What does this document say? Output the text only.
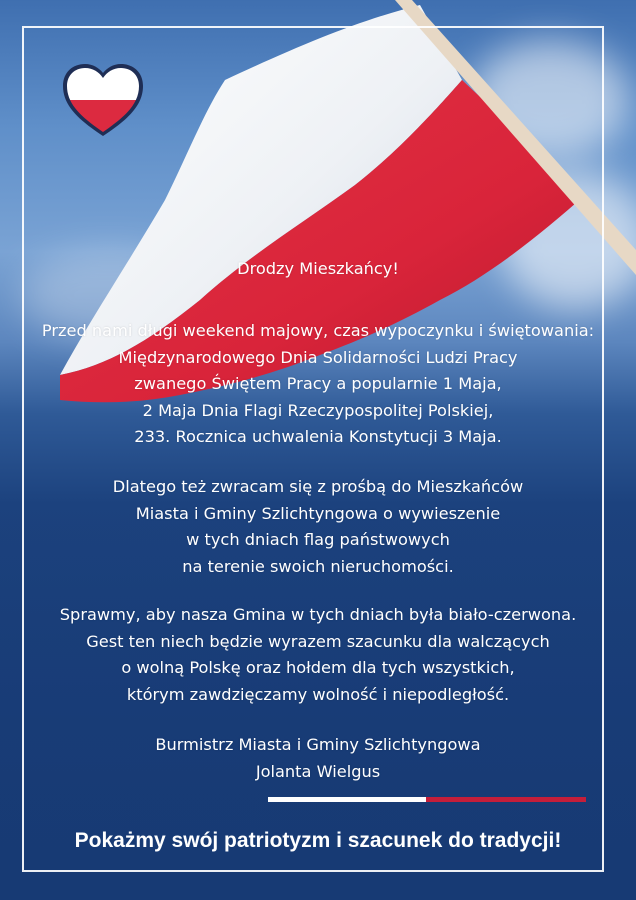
Drodzy Mieszkańcy!
Przed nami długi weekend majowy, czas wypoczynku i świętowania:
Międzynarodowego Dnia Solidarności Ludzi Pracy
zwanego Świętem Pracy a popularnie 1 Maja,
2 Maja Dnia Flagi Rzeczypospolitej Polskiej,
233. Rocznica uchwalenia Konstytucji 3 Maja.
Dlatego też zwracam się z prośbą do Mieszkańców
Miasta i Gminy Szlichtyngowa o wywieszenie
w tych dniach flag państwowych
na terenie swoich nieruchomości.
Sprawmy, aby nasza Gmina w tych dniach była biało-czerwona.
Gest ten niech będzie wyrazem szacunku dla walczących
o wolną Polskę oraz hołdem dla tych wszystkich,
którym zawdzięczamy wolność i niepodległość.
Burmistrz Miasta i Gminy Szlichtyngowa
Jolanta Wielgus
Pokażmy swój patriotyzm i szacunek do tradycji!
